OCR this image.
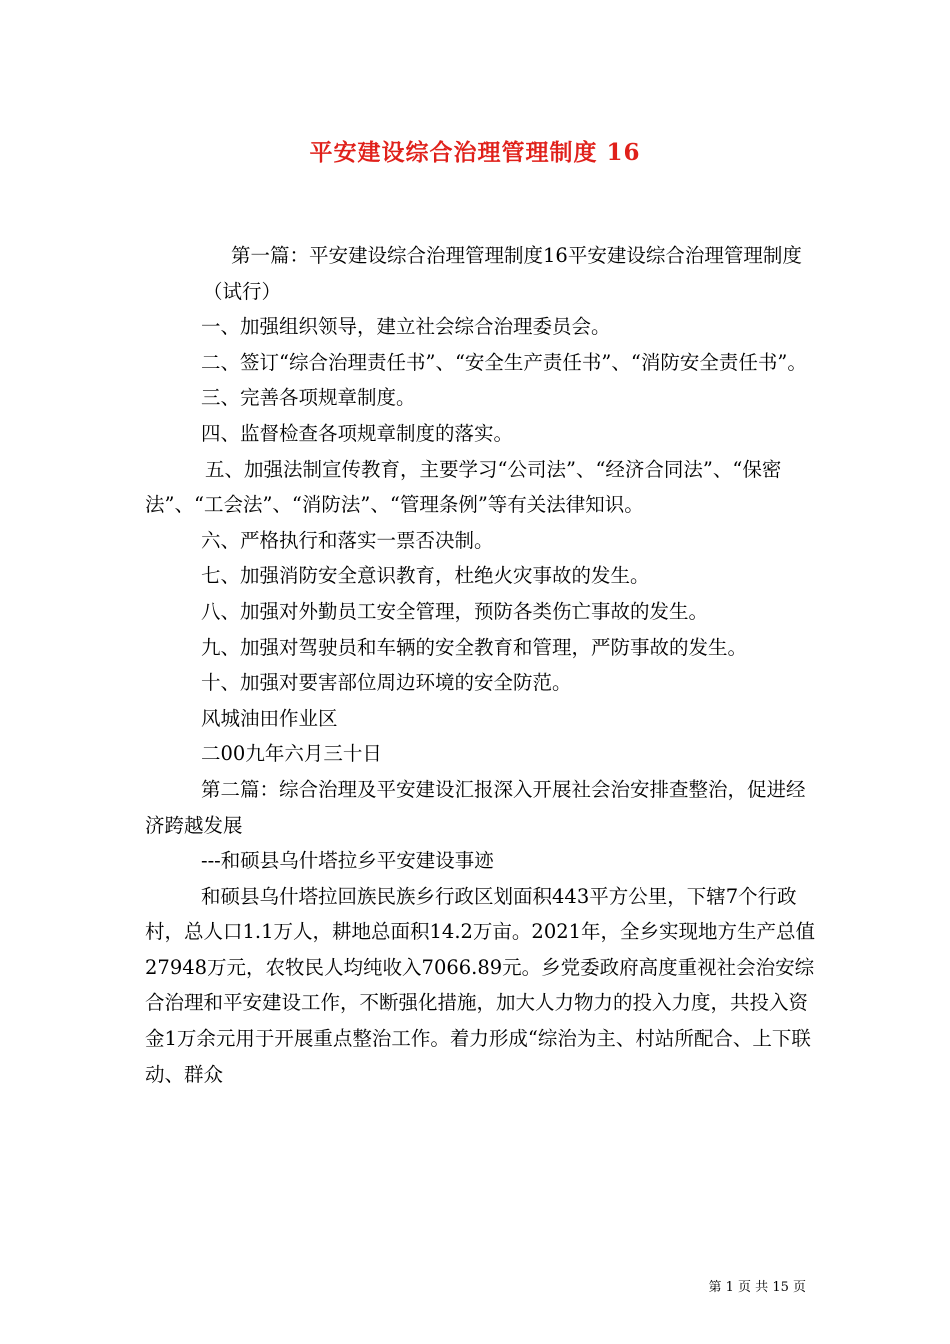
平安建设综合治理管理制度 16

第一篇：平安建设综合治理管理制度16平安建设综合治理管理制度

（试行）

一、加强组织领导，建立社会综合治理委员会。

二、签订“综合治理责任书”、“安全生产责任书”、“消防安全责任书”。

三、完善各项规章制度。

四、监督检查各项规章制度的落实。

五、加强法制宣传教育，主要学习“公司法”、“经济合同法”、“保密法”、“工会法”、“消防法”、“管理条例”等有关法律知识。

六、严格执行和落实一票否决制。

七、加强消防安全意识教育，杜绝火灾事故的发生。

八、加强对外勤员工安全管理，预防各类伤亡事故的发生。

九、加强对驾驶员和车辆的安全教育和管理，严防事故的发生。

十、加强对要害部位周边环境的安全防范。

风城油田作业区

二00九年六月三十日

第二篇：综合治理及平安建设汇报深入开展社会治安排查整治，促进经济跨越发展

---和硕县乌什塔拉乡平安建设事迹

和硕县乌什塔拉回族民族乡行政区划面积443平方公里，下辖7个行政村，总人口1.1万人，耕地总面积14.2万亩。2021年，全乡实现地方生产总值27948万元，农牧民人均纯收入7066.89元。乡党委政府高度重视社会治安综合治理和平安建设工作，不断强化措施，加大人力物力的投入力度，共投入资金1万余元用于开展重点整治工作。着力形成“综治为主、村站所配合、上下联动、群众

第 1 页 共 15 页
